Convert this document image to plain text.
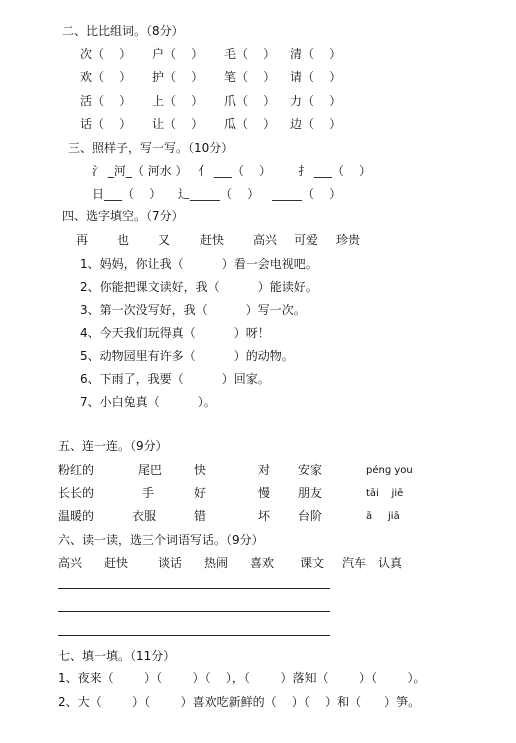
二、比比组词。（8分）
次（    ） 户（    ） 毛（    ） 清（    ）
欢（    ） 护（    ） 笔（    ） 请（    ）
活（    ） 上（    ） 爪（    ） 力（    ）
话（    ） 让（    ） 瓜（    ） 边（    ）
三、照样子，写一写。（10分）
氵 _河_（ 河水 ） 亻 ___（    ） 扌 ___（    ）
日___（    ） 辶_____（    ） _____（    ）
四、选字填空。（7分）
再 也 又 赶快 高兴 可爱 珍贵
1、妈妈，你让我（          ）看一会电视吧。
2、你能把课文读好，我（          ）能读好。
3、第一次没写好，我（          ）写一次。
4、今天我们玩得真（          ）呀！
5、动物园里有许多（          ）的动物。
6、下雨了，我要（          ）回家。
7、小白兔真（          ）。
五、连一连。（9分）
粉红的	尾巴	快	对 安家	pénɡ you
长长的	手	好	慢 朋友	tāi    jiē
温暖的	衣服	错	坏 台阶	ā     jiā
六、读一读，选三个词语写话。（9分）
高兴 赶快 谈话 热闹 喜欢 课文 汽车 认真
七、填一填。（11分）
1、夜来（        ）（        ）（    ），（        ）落知（        ）（        ）。
2、大（        ）（        ）喜欢吃新鲜的（    ）（    ）和（      ）笋。
